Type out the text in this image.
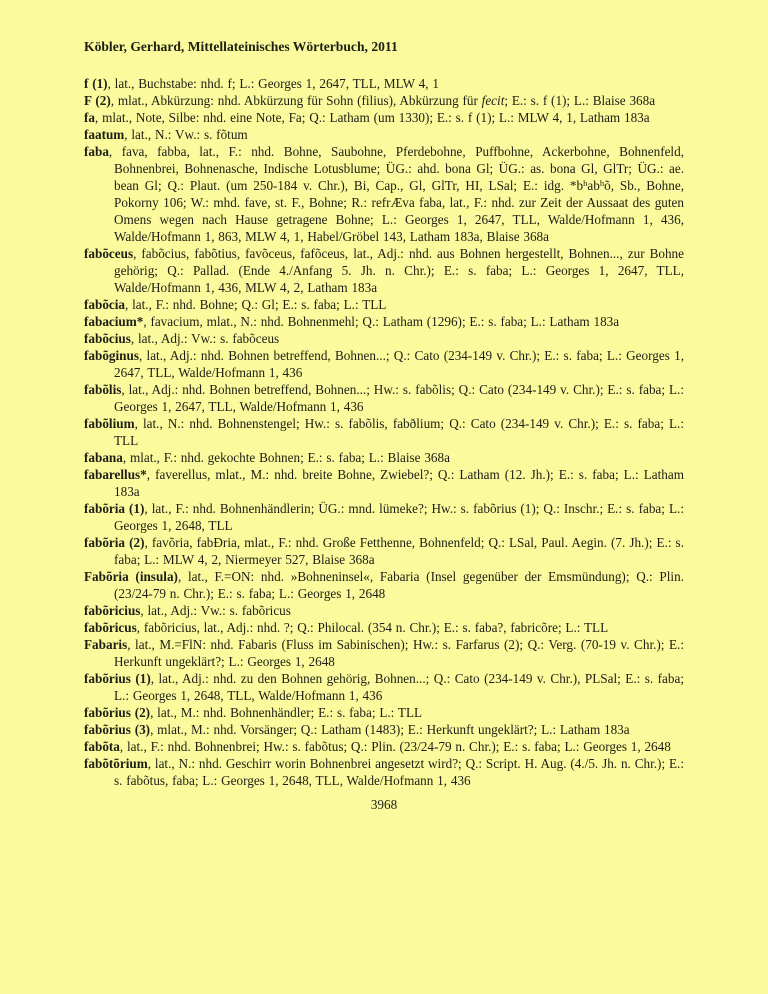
Köbler, Gerhard, Mittellateinisches Wörterbuch, 2011

f (1), lat., Buchstabe: nhd. f; L.: Georges 1, 2647, TLL, MLW 4, 1

F (2), mlat., Abkürzung: nhd. Abkürzung für Sohn (filius), Abkürzung für fecit; E.: s. f (1); L.: Blaise 368a

fa, mlat., Note, Silbe: nhd. eine Note, Fa; Q.: Latham (um 1330); E.: s. f (1); L.: MLW 4, 1, Latham 183a

faatum, lat., N.: Vw.: s. fõtum

faba, fava, fabba, lat., F.: nhd. Bohne, Saubohne, Pferdebohne, Puffbohne, Ackerbohne, Bohnenfeld, Bohnenbrei, Bohnenasche, Indische Lotusblume; ÜG.: ahd. bona Gl; ÜG.: as. bona Gl, GlTr; ÜG.: ae. bean Gl; Q.: Plaut. (um 250-184 v. Chr.), Bi, Cap., Gl, GlTr, HI, LSal; E.: idg. $*b^hab^hõ$, Sb., Bohne, Pokorny 106; W.: mhd. fave, st. F., Bohne; R.: refrÆva faba, lat., F.: nhd. zur Zeit der Aussaat des guten Omens wegen nach Hause getragene Bohne; L.: Georges 1, 2647, TLL, Walde/Hofmann 1, 436, Walde/Hofmann 1, 863, MLW 4, 1, Habel/Gröbel 143, Latham 183a, Blaise 368a

fabõceus, fabõcius, fabõtius, favõceus, fafõceus, lat., Adj.: nhd. aus Bohnen hergestellt, Bohnen..., zur Bohne gehörig; Q.: Pallad. (Ende 4./Anfang 5. Jh. n. Chr.); E.: s. faba; L.: Georges 1, 2647, TLL, Walde/Hofmann 1, 436, MLW 4, 2, Latham 183a

fabõcia, lat., F.: nhd. Bohne; Q.: Gl; E.: s. faba; L.: TLL

fabacium*, favacium, mlat., N.: nhd. Bohnenmehl; Q.: Latham (1296); E.: s. faba; L.: Latham 183a

fabõcius, lat., Adj.: Vw.: s. fabõceus

fabõginus, lat., Adj.: nhd. Bohnen betreffend, Bohnen...; Q.: Cato (234-149 v. Chr.); E.: s. faba; L.: Georges 1, 2647, TLL, Walde/Hofmann 1, 436

fabõlis, lat., Adj.: nhd. Bohnen betreffend, Bohnen...; Hw.: s. fabõlis; Q.: Cato (234-149 v. Chr.); E.: s. faba; L.: Georges 1, 2647, TLL, Walde/Hofmann 1, 436

fabõlium, lat., N.: nhd. Bohnenstengel; Hw.: s. fabõlis, fabðlium; Q.: Cato (234-149 v. Chr.); E.: s. faba; L.: TLL

fabana, mlat., F.: nhd. gekochte Bohnen; E.: s. faba; L.: Blaise 368a

fabarellus*, faverellus, mlat., M.: nhd. breite Bohne, Zwiebel?; Q.: Latham (12. Jh.); E.: s. faba; L.: Latham 183a

fabõria (1), lat., F.: nhd. Bohnenhändlerin; ÜG.: mnd. lümeke?; Hw.: s. fabõrius (1); Q.: Inschr.; E.: s. faba; L.: Georges 1, 2648, TLL

fabõria (2), favõria, fabÐria, mlat., F.: nhd. Große Fetthenne, Bohnenfeld; Q.: LSal, Paul. Aegin. (7. Jh.); E.: s. faba; L.: MLW 4, 2, Niermeyer 527, Blaise 368a

Fabõria (insula), lat., F.=ON: nhd. »Bohneninsel«, Fabaria (Insel gegenüber der Emsmündung); Q.: Plin. (23/24-79 n. Chr.); E.: s. faba; L.: Georges 1, 2648

fabõricius, lat., Adj.: Vw.: s. fabõricus

fabõricus, fabõricius, lat., Adj.: nhd. ?; Q.: Philocal. (354 n. Chr.); E.: s. faba?, fabricõre; L.: TLL

Fabaris, lat., M.=FlN: nhd. Fabaris (Fluss im Sabinischen); Hw.: s. Farfarus (2); Q.: Verg. (70-19 v. Chr.); E.: Herkunft ungeklärt?; L.: Georges 1, 2648

fabõrius (1), lat., Adj.: nhd. zu den Bohnen gehörig, Bohnen...; Q.: Cato (234-149 v. Chr.), PLSal; E.: s. faba; L.: Georges 1, 2648, TLL, Walde/Hofmann 1, 436

fabõrius (2), lat., M.: nhd. Bohnenhändler; E.: s. faba; L.: TLL

fabõrius (3), mlat., M.: nhd. Vorsänger; Q.: Latham (1483); E.: Herkunft ungeklärt?; L.: Latham 183a

fabõta, lat., F.: nhd. Bohnenbrei; Hw.: s. fabõtus; Q.: Plin. (23/24-79 n. Chr.); E.: s. faba; L.: Georges 1, 2648

fabõtõrium, lat., N.: nhd. Geschirr worin Bohnenbrei angesetzt wird?; Q.: Script. H. Aug. (4./5. Jh. n. Chr.); E.: s. fabõtus, faba; L.: Georges 1, 2648, TLL, Walde/Hofmann 1, 436

3968
